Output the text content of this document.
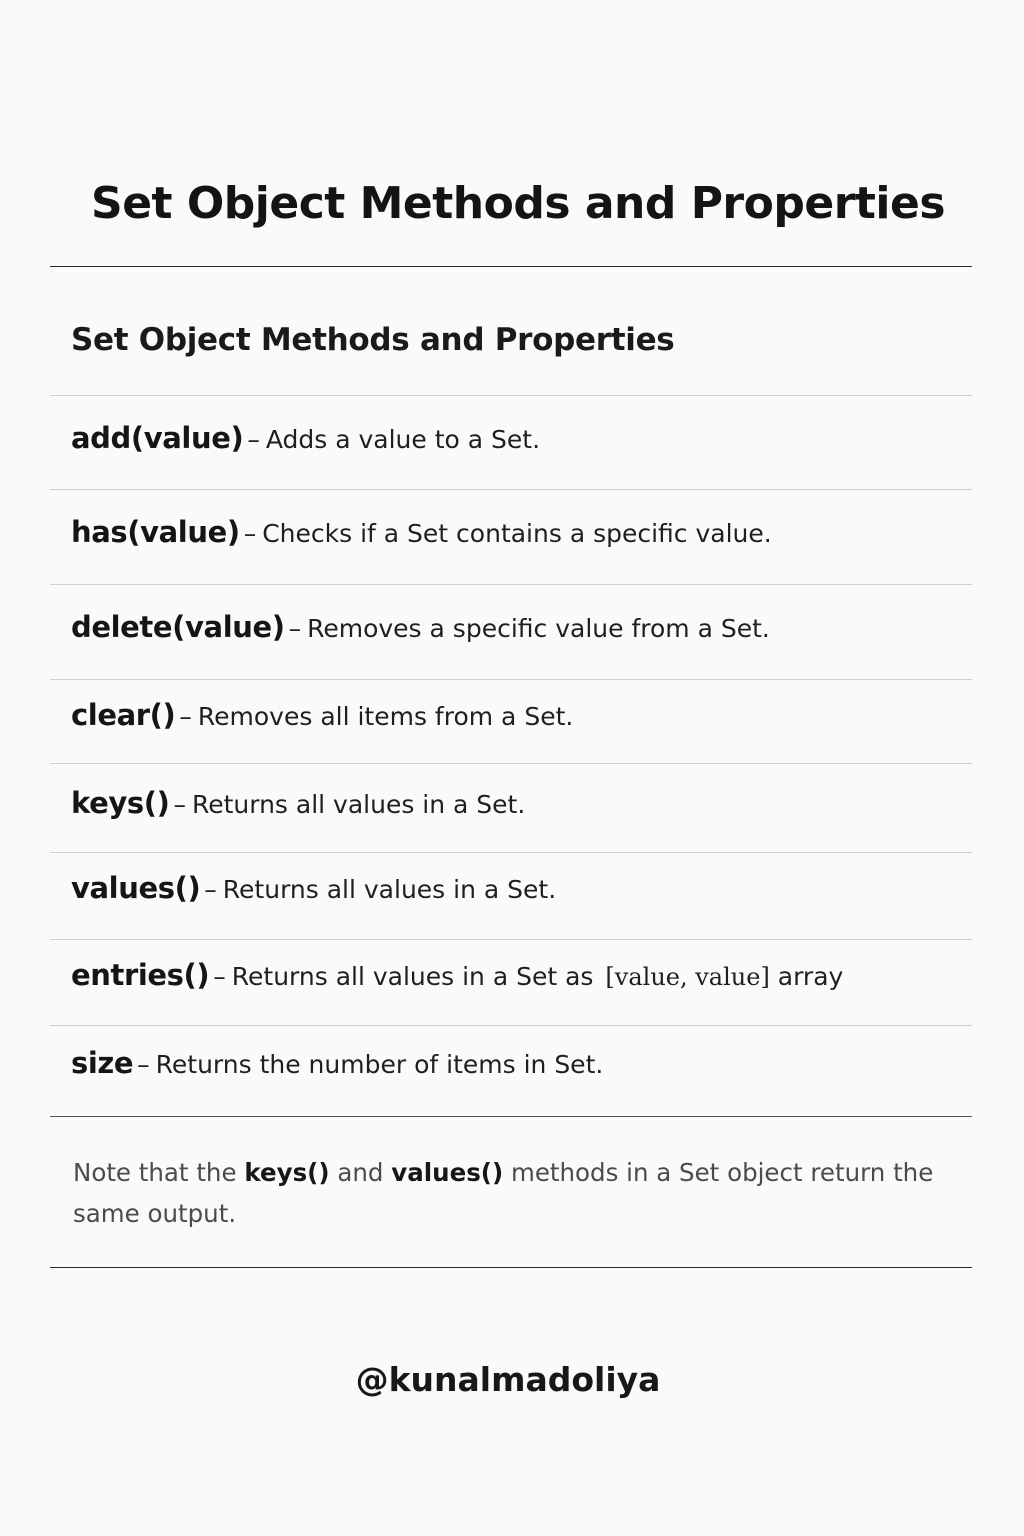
Set Object Methods and Properties
Set Object Methods and Properties
add(value) – Adds a value to a Set.
has(value) – Checks if a Set contains a specific value.
delete(value) – Removes a specific value from a Set.
clear() – Removes all items from a Set.
keys() – Returns all values in a Set.
values() – Returns all values in a Set.
entries() – Returns all values in a Set as [value, value] array
size – Returns the number of items in Set.

Note that the keys() and values() methods in a Set object return the same output.

@kunalmadoliya
